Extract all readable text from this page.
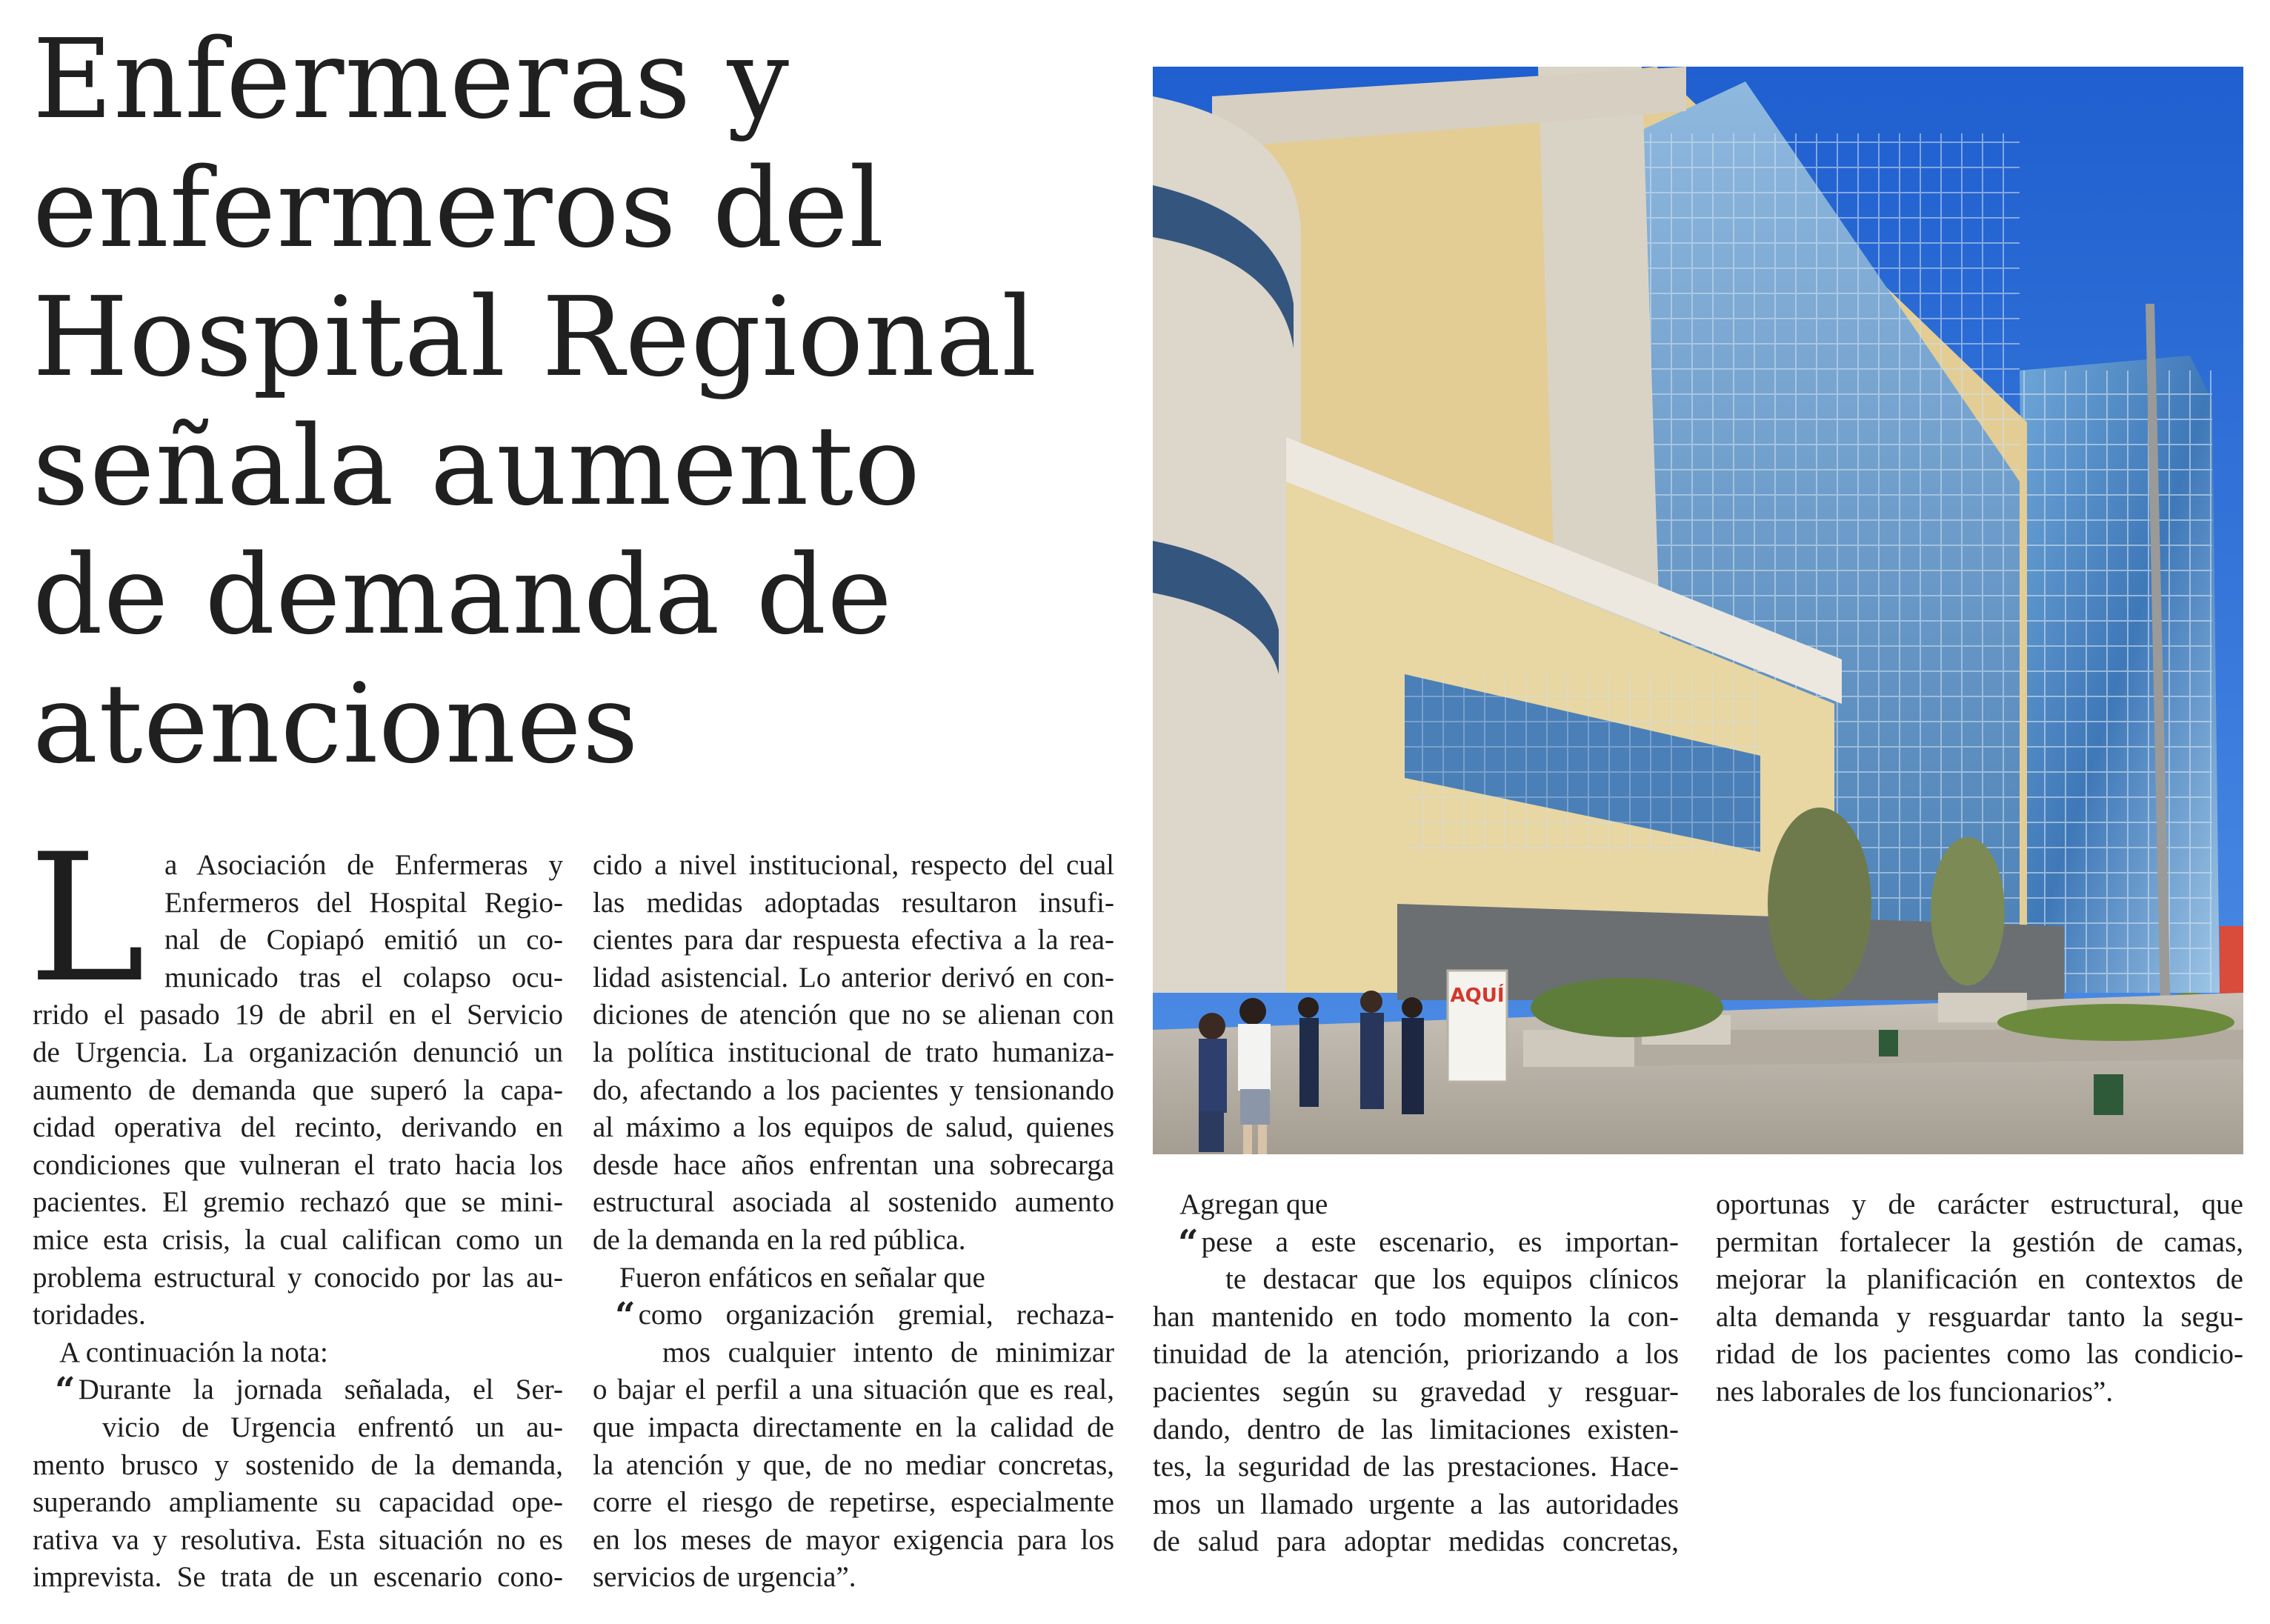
Enfermeras y
enfermeros del
Hospital Regional
señala aumento
de demanda de
atenciones
AQUÍ
L a Asociación de Enfermeras y
Enfermeros del Hospital Regio-
nal de Copiapó emitió un co-
municado tras el colapso ocu-
rrido el pasado 19 de abril en el Servicio
de Urgencia. La organización denunció un
aumento de demanda que superó la capa-
cidad operativa del recinto, derivando en
condiciones que vulneran el trato hacia los
pacientes. El gremio rechazó que se mini-
mice esta crisis, la cual califican como un
problema estructural y conocido por las au-
toridades.
A continuación la nota:
“ Durante la jornada señalada, el Ser-
vicio de Urgencia enfrentó un au-
mento brusco y sostenido de la demanda,
superando ampliamente su capacidad ope-
rativa va y resolutiva. Esta situación no es
imprevista. Se trata de un escenario cono-
cido a nivel institucional, respecto del cual
las medidas adoptadas resultaron insufi-
cientes para dar respuesta efectiva a la rea-
lidad asistencial. Lo anterior derivó en con-
diciones de atención que no se alienan con
la política institucional de trato humaniza-
do, afectando a los pacientes y tensionando
al máximo a los equipos de salud, quienes
desde hace años enfrentan una sobrecarga
estructural asociada al sostenido aumento
de la demanda en la red pública.
Fueron enfáticos en señalar que
“ como organización gremial, rechaza-
mos cualquier intento de minimizar
o bajar el perfil a una situación que es real,
que impacta directamente en la calidad de
la atención y que, de no mediar concretas,
corre el riesgo de repetirse, especialmente
en los meses de mayor exigencia para los
servicios de urgencia”.
Agregan que
“ pese a este escenario, es importan-
te destacar que los equipos clínicos
han mantenido en todo momento la con-
tinuidad de la atención, priorizando a los
pacientes según su gravedad y resguar-
dando, dentro de las limitaciones existen-
tes, la seguridad de las prestaciones. Hace-
mos un llamado urgente a las autoridades
de salud para adoptar medidas concretas,
oportunas y de carácter estructural, que
permitan fortalecer la gestión de camas,
mejorar la planificación en contextos de
alta demanda y resguardar tanto la segu-
ridad de los pacientes como las condicio-
nes laborales de los funcionarios”.
